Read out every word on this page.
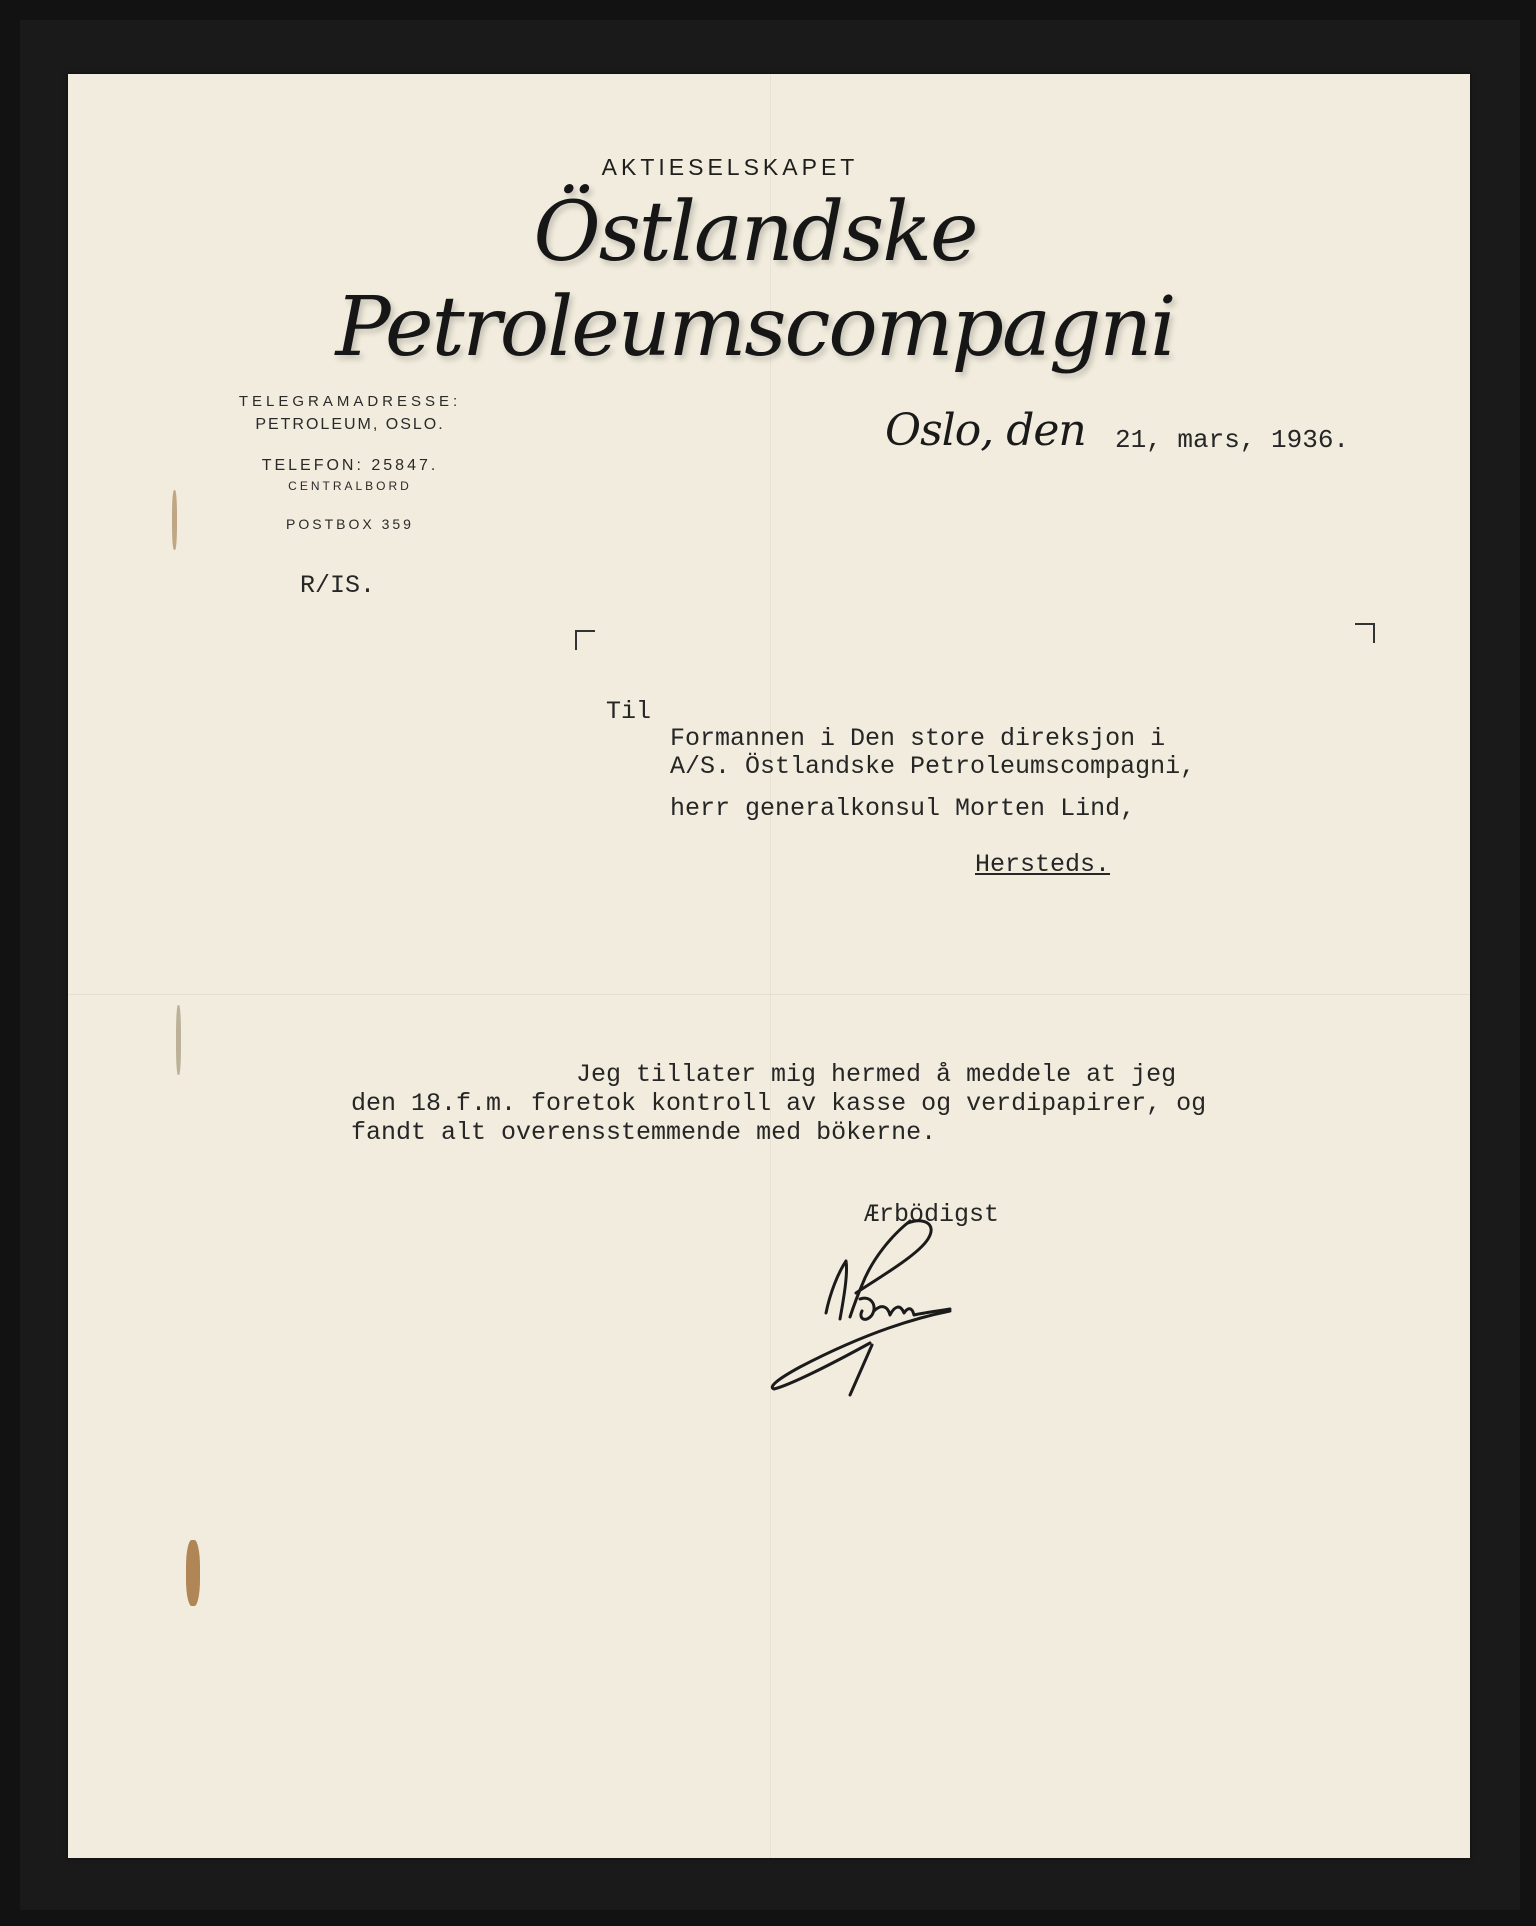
AKTIESELSKAPET
Östlandske Petroleumscompagni
TELEGRAMADRESSE:
PETROLEUM, OSLO.
TELEFON: 25847.
CENTRALBORD
POSTBOX 359
R/IS.
Oslo, den 21, mars, 1936.
Til
Formannen i Den store direksjon i
A/S. Östlandske Petroleumscompagni,
herr generalkonsul Morten Lind,
Hersteds.
Jeg tillater mig hermed å meddele at jeg
den 18.f.m. foretok kontroll av kasse og verdipapirer, og
fandt alt overensstemmende med bökerne.
Ærbödigst
